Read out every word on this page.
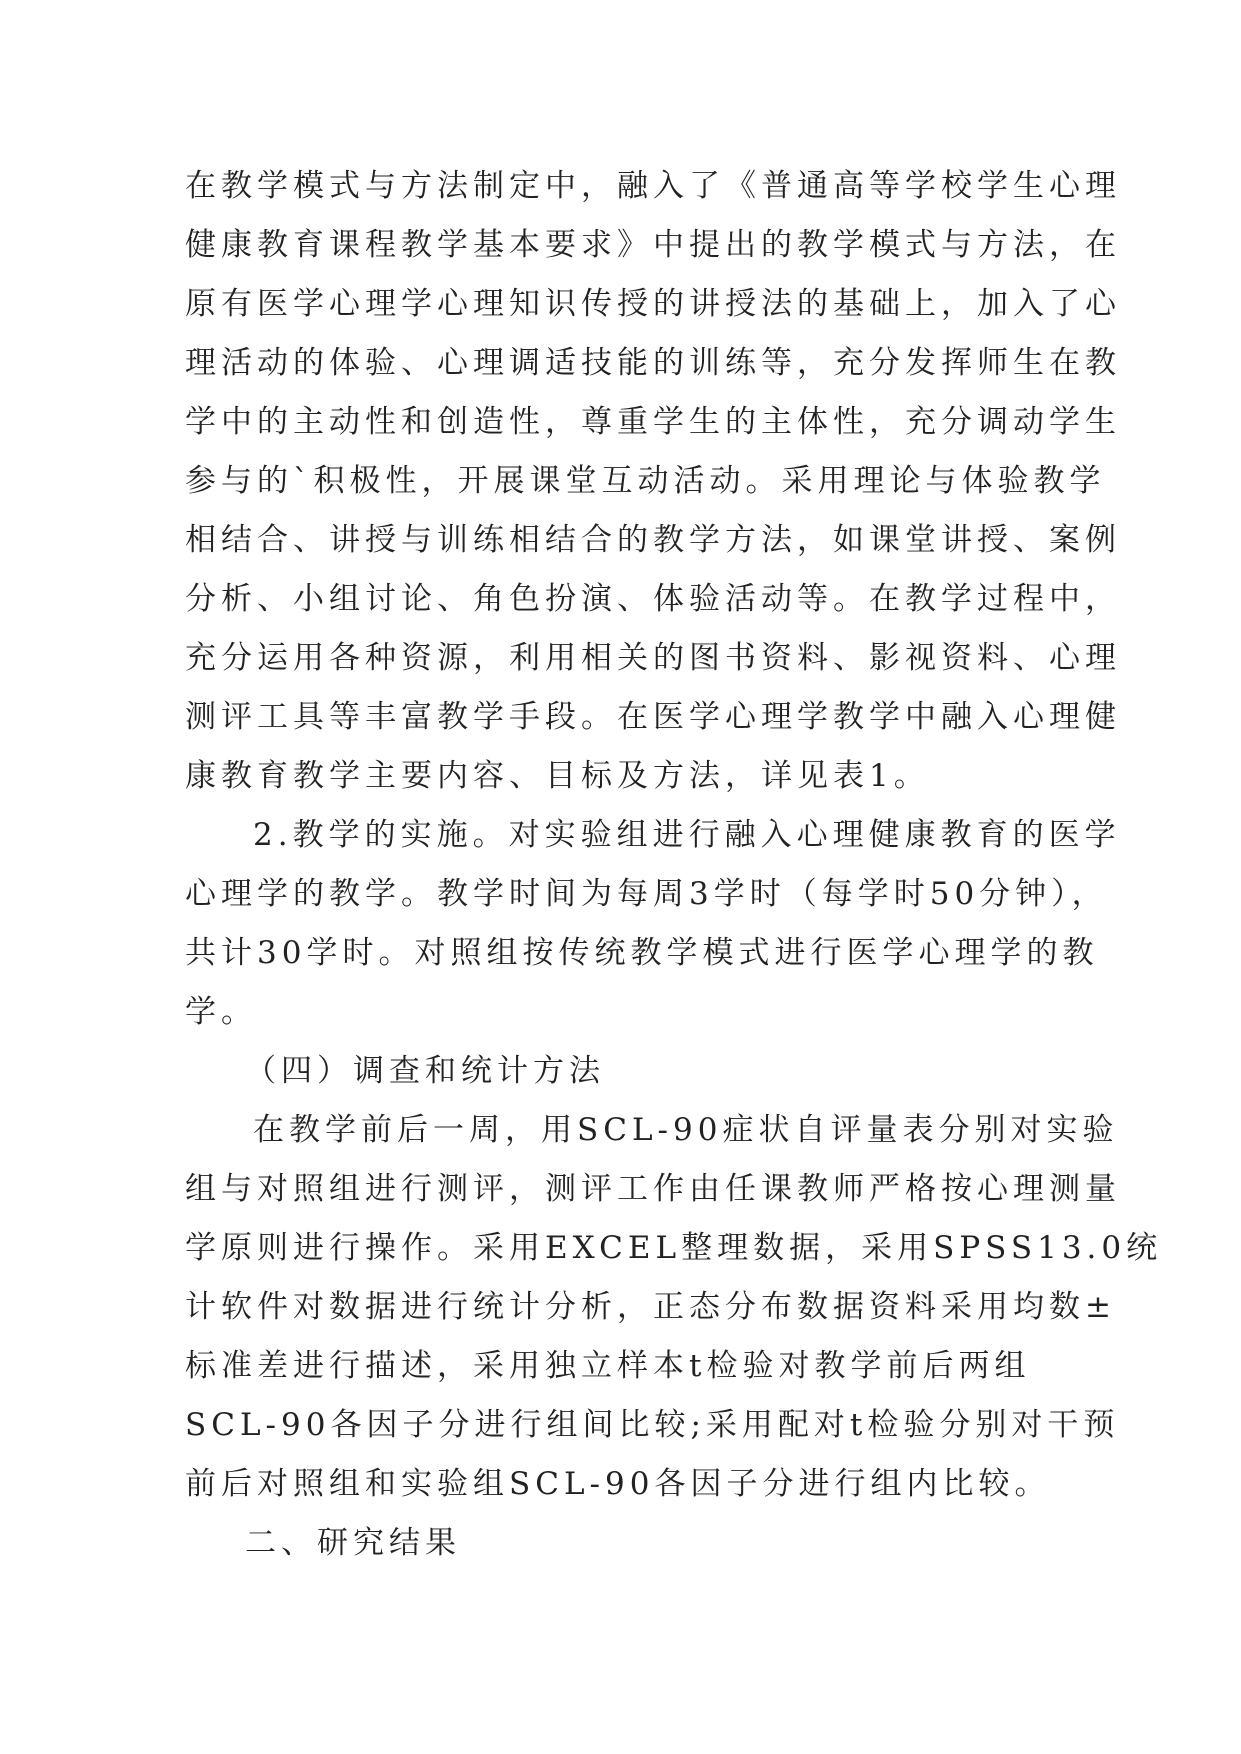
在教学模式与方法制定中，融入了《普通高等学校学生心理
健康教育课程教学基本要求》中提出的教学模式与方法，在
原有医学心理学心理知识传授的讲授法的基础上，加入了心
理活动的体验、心理调适技能的训练等，充分发挥师生在教
学中的主动性和创造性，尊重学生的主体性，充分调动学生
参与的`积极性，开展课堂互动活动。采用理论与体验教学
相结合、讲授与训练相结合的教学方法，如课堂讲授、案例
分析、小组讨论、角色扮演、体验活动等。在教学过程中，
充分运用各种资源，利用相关的图书资料、影视资料、心理
测评工具等丰富教学手段。在医学心理学教学中融入心理健
康教育教学主要内容、目标及方法，详见表1。
2.教学的实施。对实验组进行融入心理健康教育的医学
心理学的教学。教学时间为每周3学时（每学时50分钟），
共计30学时。对照组按传统教学模式进行医学心理学的教
学。
（四）调查和统计方法
在教学前后一周，用SCL-90症状自评量表分别对实验
组与对照组进行测评，测评工作由任课教师严格按心理测量
学原则进行操作。采用EXCEL整理数据，采用SPSS13.0统
计软件对数据进行统计分析，正态分布数据资料采用均数±
标准差进行描述，采用独立样本t检验对教学前后两组
SCL-90各因子分进行组间比较;采用配对t检验分别对干预
前后对照组和实验组SCL-90各因子分进行组内比较。
二、研究结果
